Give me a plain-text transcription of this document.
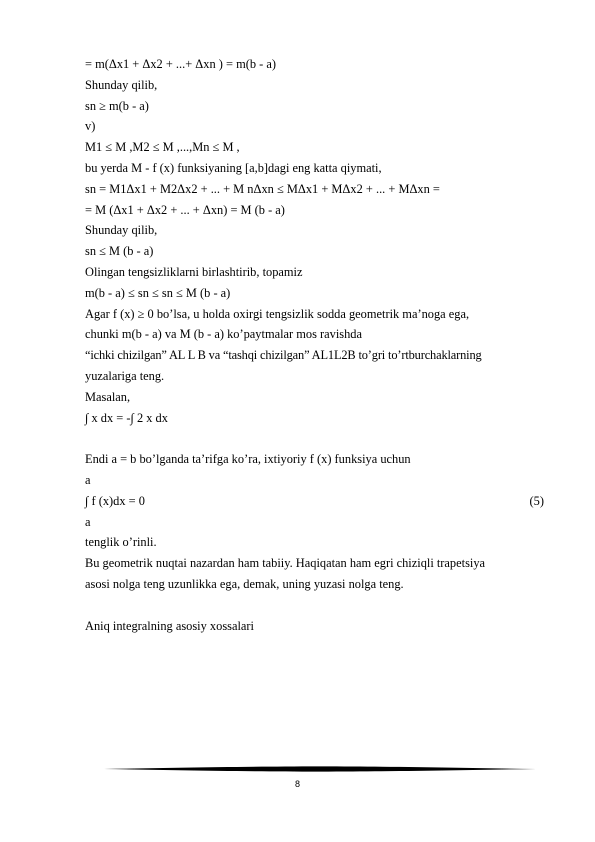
= m(Δx1 + Δx2 + ...+ Δxn ) = m(b - a)
Shunday qilib,
sn ≥ m(b - a)
v)
M1 ≤ M ,M2 ≤ M ,...,Mn ≤ M ,
bu yerda M - f (x) funksiyaning [a,b]dagi eng katta qiymati,
sn = M1Δx1 + M2Δx2 + ... + M nΔxn ≤ MΔx1 + MΔx2 + ... + MΔxn =
= M (Δx1 + Δx2 + ... + Δxn) = M (b - a)
Shunday qilib,
sn ≤ M (b - a)
Olingan tengsizliklarni birlashtirib, topamiz
m(b - a) ≤ sn ≤ sn ≤ M (b - a)
Agar f (x) ≥ 0 bo’lsa, u holda oxirgi tengsizlik sodda geometrik ma’noga ega,
chunki m(b - a) va M (b - a) ko’paytmalar mos ravishda
“ichki chizilgan” AL L B va “tashqi chizilgan” AL1L2B to’gri to’rtburchaklarning
yuzalariga teng.
Masalan,
∫ x dx = -∫ 2 x dx
Endi a = b bo’lganda ta’rifga ko’ra, ixtiyoriy f (x) funksiya uchun
a
∫ f (x)dx = 0	(5)
a
tenglik o’rinli.
Bu geometrik nuqtai nazardan ham tabiiy. Haqiqatan ham egri chiziqli trapetsiya
asosi nolga teng uzunlikka ega, demak, uning yuzasi nolga teng.
Aniq integralning asosiy xossalari
8
